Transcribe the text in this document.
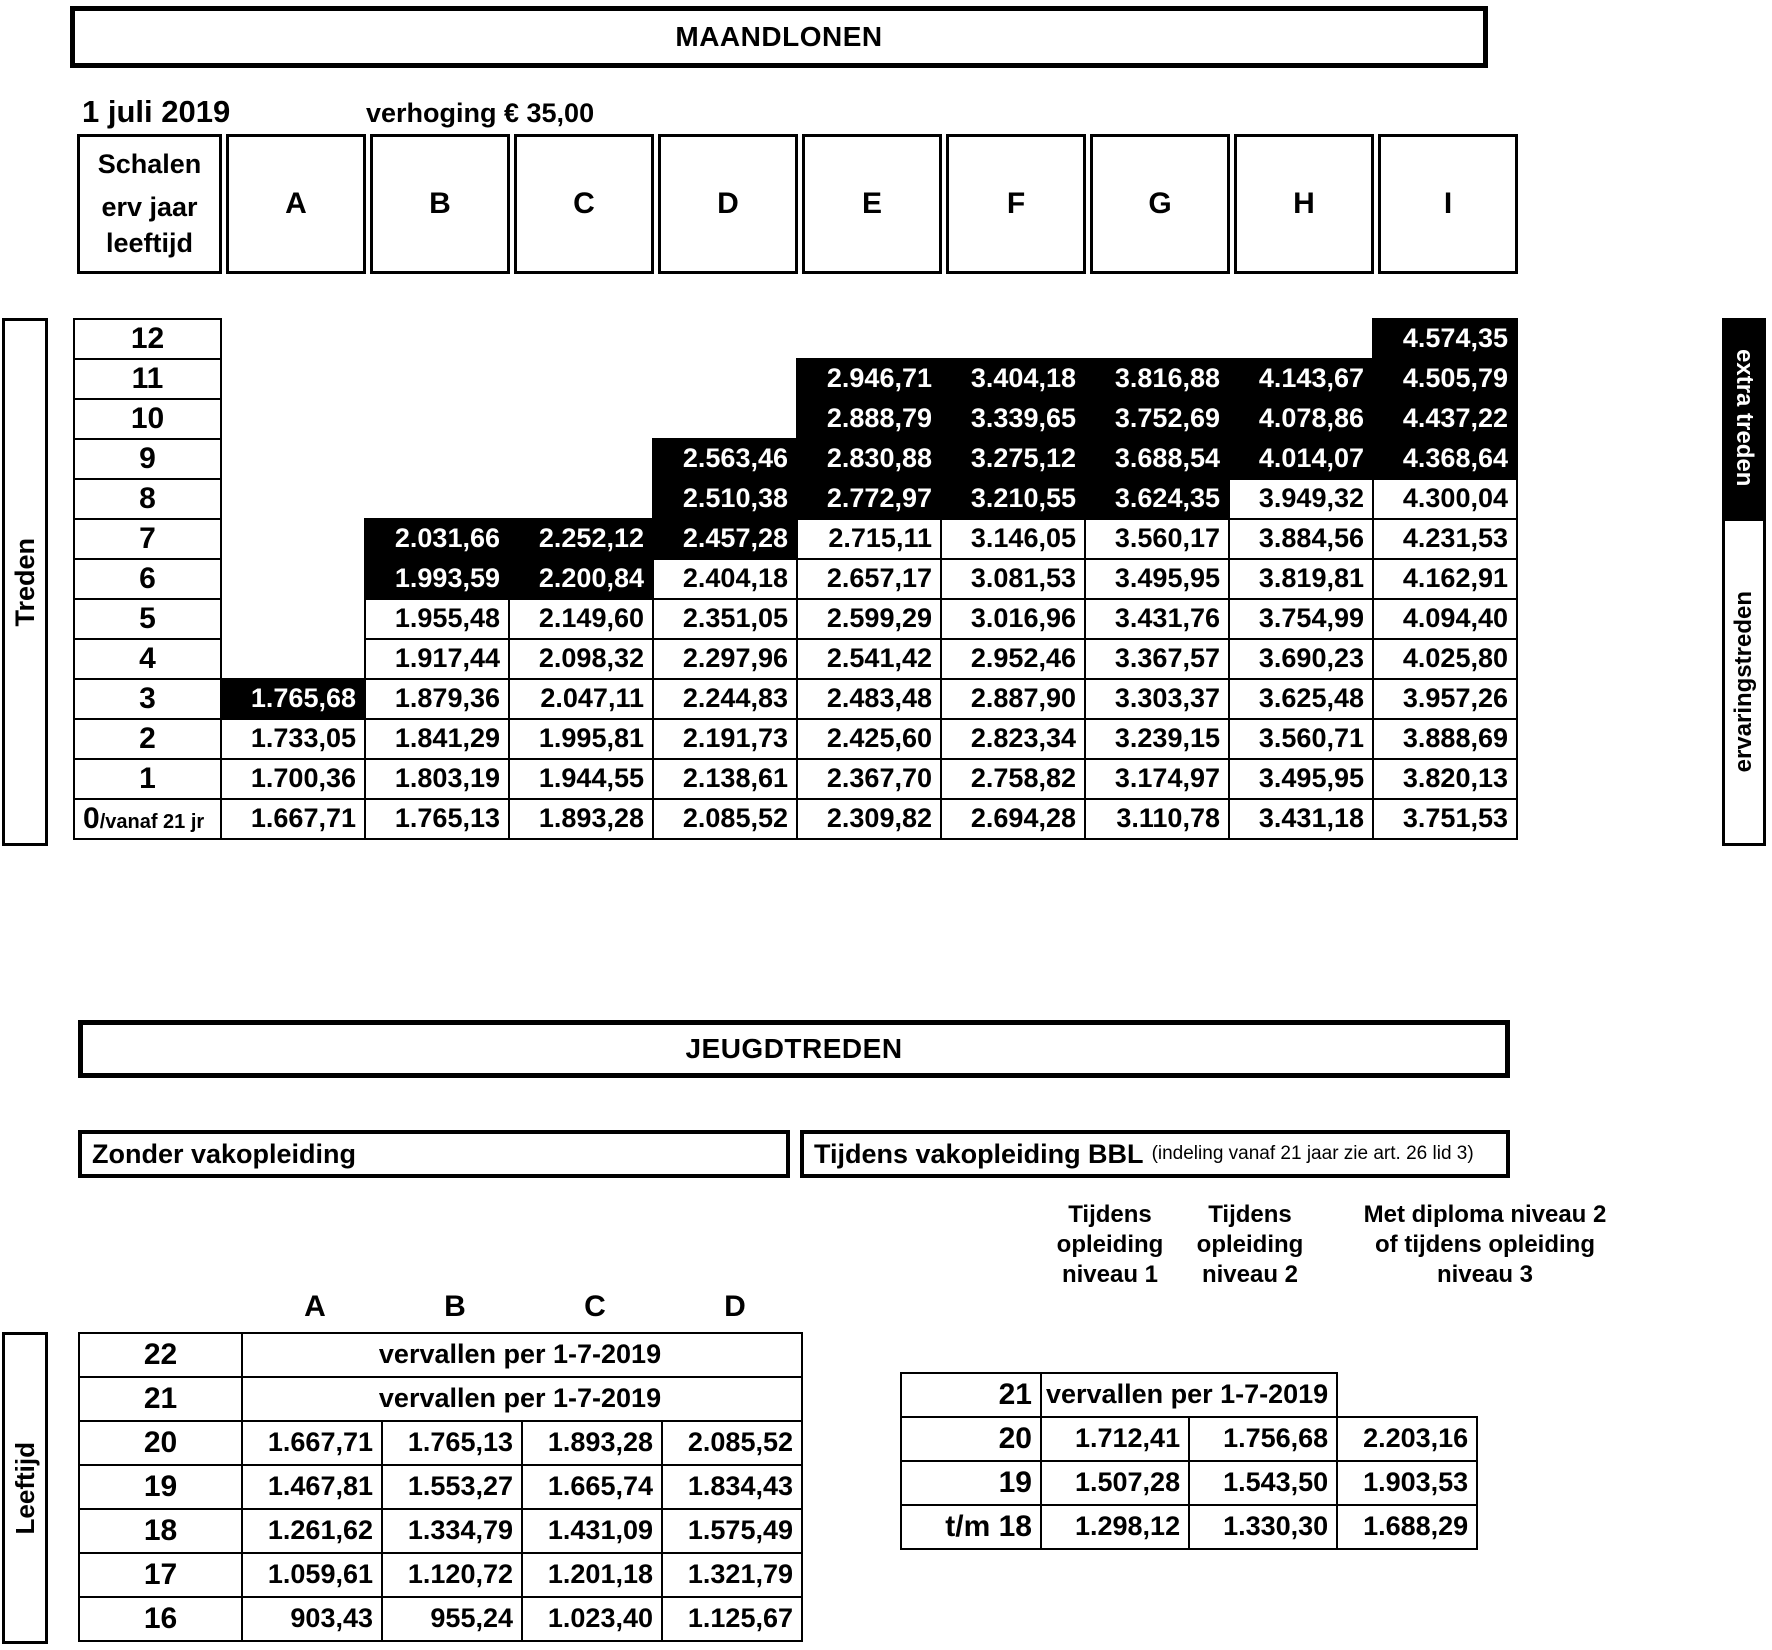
MAANDLONEN
1 juli 2019	verhoging € 35,00
Schalen
erv jaar
leeftijd
	A	B	C	D	E	F	G	H	I
Treden
extra treden
ervaringstreden
12									4.574,35
11					2.946,71	3.404,18	3.816,88	4.143,67	4.505,79
10					2.888,79	3.339,65	3.752,69	4.078,86	4.437,22
9				2.563,46	2.830,88	3.275,12	3.688,54	4.014,07	4.368,64
8				2.510,38	2.772,97	3.210,55	3.624,35	3.949,32	4.300,04
7		2.031,66	2.252,12	2.457,28	2.715,11	3.146,05	3.560,17	3.884,56	4.231,53
6		1.993,59	2.200,84	2.404,18	2.657,17	3.081,53	3.495,95	3.819,81	4.162,91
5		1.955,48	2.149,60	2.351,05	2.599,29	3.016,96	3.431,76	3.754,99	4.094,40
4		1.917,44	2.098,32	2.297,96	2.541,42	2.952,46	3.367,57	3.690,23	4.025,80
3	1.765,68	1.879,36	2.047,11	2.244,83	2.483,48	2.887,90	3.303,37	3.625,48	3.957,26
2	1.733,05	1.841,29	1.995,81	2.191,73	2.425,60	2.823,34	3.239,15	3.560,71	3.888,69
1	1.700,36	1.803,19	1.944,55	2.138,61	2.367,70	2.758,82	3.174,97	3.495,95	3.820,13
0/vanaf 21 jr	1.667,71	1.765,13	1.893,28	2.085,52	2.309,82	2.694,28	3.110,78	3.431,18	3.751,53
JEUGDTREDEN
Zonder vakopleiding	Tijdens vakopleiding BBL (indeling vanaf 21 jaar zie art. 26 lid 3)
Tijdens
opleiding
niveau 1
Tijdens
opleiding
niveau 2
Met diploma niveau 2
of tijdens opleiding
niveau 3
A	B	C	D
Leeftijd
22	vervallen per 1-7-2019			
21	vervallen per 1-7-2019			
20	1.667,71	1.765,13	1.893,28	2.085,52
19	1.467,81	1.553,27	1.665,74	1.834,43
18	1.261,62	1.334,79	1.431,09	1.575,49
17	1.059,61	1.120,72	1.201,18	1.321,79
16	903,43	955,24	1.023,40	1.125,67
21	vervallen per 1-7-2019		
20	1.712,41	1.756,68	2.203,16
19	1.507,28	1.543,50	1.903,53
t/m 18	1.298,12	1.330,30	1.688,29
